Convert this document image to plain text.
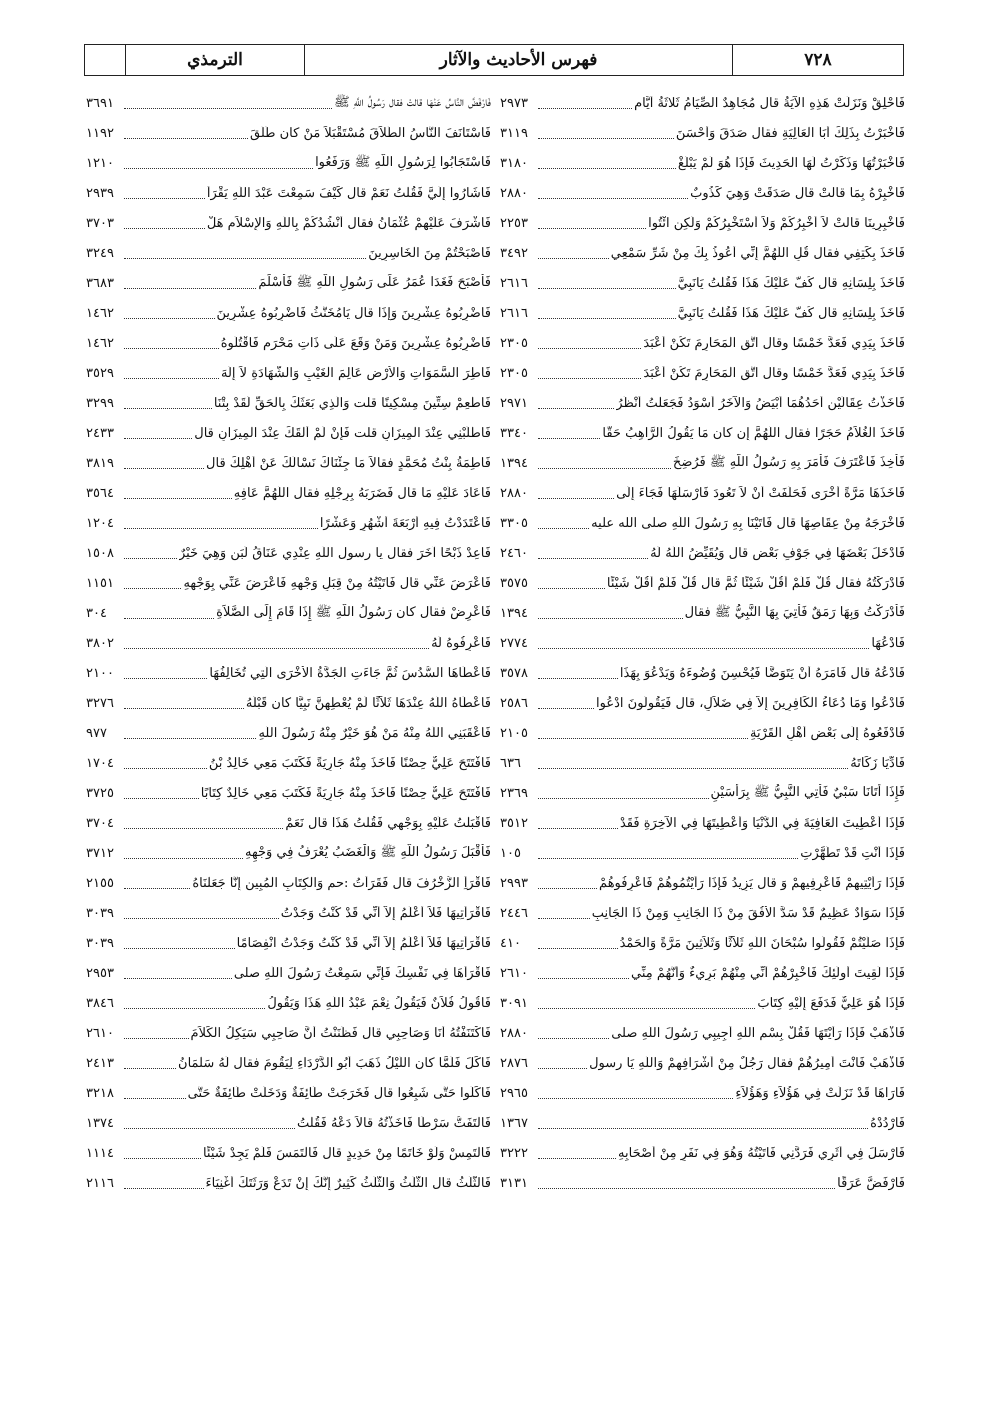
٧٢٨
فهرس الأحاديث والآثار
الترمذي
فَاحْلِقْ وَنَزَلَتْ هَذِهِ الآيَةُ قال مُجَاهِدٌ الصِّيَامُ ثَلاثَةُ أَيَّامٍ
٢٩٧٣
فَأَخْبَرْتُ بِذَلِكَ أَبَا الْعَالِيَةِ فقال صَدَقَ وَأَحْسَنَ
٣١١٩
فَأَخْبَرْتُهَا وَذَكَرْتُ لَهَا الْحَدِيثَ فَإِذَا هُوَ لَمْ يَبْلُغْ
٣١٨٠
فَأَخْبِرْهُ بِمَا قالتْ قال صَدَقَتْ وَهِيَ كَذُوبٌ
٢٨٨٠
فَأَخْبِرِينَا قالتْ لاَ أُخْبِرُكُمْ وَلاَ أَسْتَخْبِرُكُمْ وَلَكِنِ ائْتُوا
٢٢٥٣
فَأَخَذَ بِكَتِفِي فقال قُلِ اللَّهُمَّ إِنِّي أَعُوذُ بِكَ مِنْ شَرِّ سَمْعِي
٣٤٩٢
فَأَخَذَ بِلِسَانِهِ قال كُفَّ عَلَيْكَ هَذَا فَقُلْتُ يَانَبِيَّ
٢٦١٦
فَأَخَذَ بِلِسَانِهِ قال كُفَّ عَلَيْكَ هَذَا فَقُلْتُ يَانَبِيَّ
٢٦١٦
فَأَخَذَ بِيَدِي فَعَدَّ خَمْسًا وقال اتَّقِ الْمَحَارِمَ تَكُنْ أَعْبَدَ
٢٣٠٥
فَأَخَذَ بِيَدِي فَعَدَّ خَمْسًا وقال اتَّقِ الْمَحَارِمَ تَكُنْ أَعْبَدَ
٢٣٠٥
فَأَخَذْتُ عِقَالَيْنِ أَحَدُهُمَا أَبْيَضُ وَالآخَرُ أَسْوَدُ فَجَعَلْتُ أَنْظُرُ
٢٩٧١
فَأَخَذَ الْغُلاَمُ حَجَرًا فقال اللَّهُمَّ إِن كان مَا يَقُولُ الرَّاهِبُ حَقًّا
٣٣٤٠
فَأُخِذَ فَاعْتَرَفَ فَأَمَرَ بِهِ رَسُولُ اللَّهِ ﷺ فَرُضِخَ
١٣٩٤
فَأَخَذَهَا مَرَّةً أُخْرَى فَحَلَفَتْ أَنْ لاَ تَعُودَ فَأَرْسَلَهَا فَجَاءَ إِلَى
٢٨٨٠
فَأَخْرَجَهُ مِنْ عِقَاصِهَا قال فَأَتَيْنَا بِهِ رَسُولَ اللَّهِ صلى الله عليه
٣٣٠٥
فَأَدْخَلَ بَعْضَهَا فِي جَوْفِ بَعْضٍ قال وَيُقَيِّضُ اللَّهُ لَهُ
٢٤٦٠
فَأَدْرَكْتُهُ فقال قُلْ فَلَمْ أَقُلْ شَيْئًا ثُمَّ قال قُلْ فَلَمْ أَقُلْ شَيْئًا
٣٥٧٥
فَأَدْرَكْتُ وَبِهَا رَمَقٌ فَأُتِيَ بِهَا النَّبِيُّ ﷺ فقال
١٣٩٤
فَأَدْعُهَا
٢٧٧٤
فَادْعُهُ قال فَأَمَرَهُ أَنْ يَتَوَضَّأَ فَيُحْسِنَ وُضُوءَهُ وَيَدْعُوَ بِهَذَا
٣٥٧٨
فَادْعُوا وَمَا دُعَاءُ الْكَافِرِينَ إِلاَّ فِي ضَلاَلٍ، قال فَيَقُولُونَ ادْعُوا
٢٥٨٦
فَادْفَعُوهُ إِلَى بَعْضِ أَهْلِ الْقَرْيَةِ
٢١٠٥
فَأَدِّيَا زَكَاتَهُ
٦٣٦
فَإِذَا أَتَانَا سَبْيٌ فَأْتِي النَّبِيُّ ﷺ بِرَأْسَيْنِ
٢٣٦٩
فَإِذَا أُعْطِيتَ الْعَافِيَةَ فِي الدُّنْيَا وَأُعْطِيتَهَا فِي الآخِرَةِ فَقَدْ
٣٥١٢
فَإِذَا أَنْتِ قَدْ تَطَهَّرْتِ
١٠٥
فَإِذَا رَأَيْتِيهِمْ فَاعْرِفِيهِمْ وَ قال يَزِيدُ فَإِذَا رَأَيْتُمُوهُمْ فَاعْرِفُوهُمْ
٢٩٩٣
فَإِذَا سَوَادٌ عَظِيمٌ قَدْ سَدَّ الأُفُقَ مِنْ ذَا الْجَانِبِ وَمِنْ ذَا الْجَانِبِ
٢٤٤٦
فَإِذَا صَلَّيْتُمْ فَقُولُوا سُبْحَانَ اللَّهِ ثَلاَثًا وَثَلاَثِينَ مَرَّةً وَالْحَمْدُ
٤١٠
فَإِذَا لَقِيتَ أُولَئِكَ فَأَخْبِرْهُمْ أَنِّي مِنْهُمْ بَرِيءٌ وَأَنَّهُمْ مِنِّي
٢٦١٠
فَإِذَا هُوَ عَلِيٌّ فَدَفَعَ إِلَيْهِ كِتَابَ
٣٠٩١
فَاذْهَبْ فَإِذَا رَأَيْتَهَا فَقُلْ بِسْمِ اللَّهِ أَجِيبِي رَسُولَ اللَّهِ صلى
٢٨٨٠
فَاذْهَبْ فَأَنْتَ أَمِيرُهُمْ فقال رَجُلٌ مِنْ أَشْرَافِهِمْ وَاللَّهِ يَا رسول
٢٨٧٦
فَأَرَاهَا قَدْ نَزَلَتْ فِي هَؤُلاَءِ وَهَؤُلاَءِ
٢٩٦٥
فَارْدُدْهُ
١٣٦٧
فَأَرْسَلَ فِي أَثَرِي فَرَدَّنِي فَأَتَيْتُهُ وَهُوَ فِي نَفَرٍ مِنْ أَصْحَابِهِ
٣٢٢٢
فَارْفَضَّ عَرَقًا
٣١٣١
فَارْفَضَّ النَّاسُ عَنْهَا قالتْ فقال رَسُولُ اللَّهِ ﷺ
٣٦٩١
فَاسْتَأْنَفَ النَّاسُ الطَّلاَقَ مُسْتَقْبَلاً مَنْ كان طَلَّقَ
١١٩٢
فَاسْتَجَابُوا لِرَسُولِ اللَّهِ ﷺ وَرَفَعُوا
١٢١٠
فَأَشَارُوا إِلَيَّ فَقُلْتُ نَعَمْ قال كَيْفَ سَمِعْتَ عَبْدَ اللَّهِ يَقْرَأُ
٢٩٣٩
فَأَشْرَفَ عَلَيْهِمْ عُثْمَانُ فقال أَنْشُدُكُمْ بِاللَّهِ وَالإِسْلاَمِ هَلْ
٣٧٠٣
فَأَصْبَحْتُمْ مِنَ الْخَاسِرِينَ
٣٢٤٩
فَأَصْبَحَ فَغَدَا عُمَرُ عَلَى رَسُولِ اللَّهِ ﷺ فَأَسْلَمَ
٣٦٨٣
فَاضْرِبُوهُ عِشْرِينَ وَإِذَا قال يَامُخَنَّثُ فَاضْرِبُوهُ عِشْرِينَ
١٤٦٢
فَاضْرِبُوهُ عِشْرِينَ وَمَنْ وَقَعَ عَلَى ذَاتِ مَحْرَمٍ فَاقْتُلُوهُ
١٤٦٢
فَاطِرَ السَّمَوَاتِ وَالأَرْضِ عَالِمَ الْغَيْبِ وَالشَّهَادَةِ لاَ إِلَهَ
٣٥٢٩
فَأَطْعِمْ سِتِّينَ مِسْكِينًا قلت وَالَّذِي بَعَثَكَ بِالْحَقِّ لَقَدْ بِتْنَا
٣٢٩٩
فَاطْلُبْنِي عِنْدَ الْمِيزَانِ قلت فَإِنْ لَمْ أَلْقَكَ عِنْدَ الْمِيزَانِ قال
٢٤٣٣
فَاطِمَةُ بِنْتُ مُحَمَّدٍ فقالاَ مَا جِئْنَاكَ نَسْأَلُكَ عَنْ أَهْلِكَ قال
٣٨١٩
فَأَعَادَ عَلَيْهِ مَا قال فَضَرَبَهُ بِرِجْلِهِ فقال اللَّهُمَّ عَافِهِ
٣٥٦٤
فَاعْتَدَدْتُ فِيهِ أَرْبَعَةَ أَشْهُرٍ وَعَشْرًا
١٢٠٤
فَأَعِدْ ذَبْحًا آخَرَ فقال يا رسول اللَّهِ عِنْدِي عَنَاقُ لَبَنٍ وَهِيَ خَيْرٌ
١٥٠٨
فَأَعْرَضَ عَنِّي قال فَأَتَيْتُهُ مِنْ قِبَلِ وَجْهِهِ فَأَعْرَضَ عَنِّي بِوَجْهِهِ
١١٥١
فَاعْرِضْ فقال كان رَسُولُ اللَّهِ ﷺ إِذَا قَامَ إِلَى الصَّلاَةِ
٣٠٤
فَاعْرِفُوهُ لَهُ
٣٨٠٢
فَأَعْطَاهَا السُّدُسَ ثُمَّ جَاءَتِ الْجَدَّةُ الأُخْرَى الَّتِي تُخَالِفُهَا
٢١٠٠
فَأَعْطَاهُ اللَّهُ عِنْدَهَا ثَلاَثًا لَمْ يُعْطِهِنَّ نَبِيًّا كان قَبْلَهُ
٣٢٧٦
فَأَعْقَبَنِي اللَّهُ مِنْهُ مَنْ هُوَ خَيْرٌ مِنْهُ رَسُولَ اللَّهِ
٩٧٧
فَافْتَتَحَ عَلِيٌّ حِصْنًا فَأَخَذَ مِنْهُ جَارِيَةً فَكَتَبَ مَعِي خَالِدُ بْنُ
١٧٠٤
فَافْتَتَحَ عَلِيٌّ حِصْنًا فَأَخَذَ مِنْهُ جَارِيَةً فَكَتَبَ مَعِي خَالِدٌ كِتَابًا
٣٧٢٥
فَأَقْبَلْتُ عَلَيْهِ بِوَجْهِي فَقُلْتُ هَذَا قال نَعَمْ
٣٧٠٤
فَأَقْبَلَ رَسُولُ اللَّهِ ﷺ وَالْغَضَبُ يُعْرَفُ فِي وَجْهِهِ
٣٧١٢
فَاقْرَأِ الزُّخْرُفَ قال فَقَرَأْتُ :حم وَالْكِتَابِ الْمُبِينِ إِنَّا جَعَلْنَاهُ
٢١٥٥
فَأَقْرَأْتِيهَا فَلاَ أَعْلَمُ إِلاَّ أَنِّي قَدْ كُنْتُ وَجَدْتُ
٣٠٣٩
فَأَقْرَأْتِيهَا فَلاَ أَعْلَمُ إِلاَّ أَنِّي قَدْ كُنْتُ وَجَدْتُ انْفِصَامًا
٣٠٣٩
فَاقْرَأْهَا فِي نَفْسِكَ فَإِنِّي سَمِعْتُ رَسُولَ اللَّهِ صلى
٢٩٥٣
فَأَقُولُ فُلاَنٌ فَيَقُولُ نِعْمَ عَبْدُ اللَّهِ هَذَا وَيَقُولُ
٣٨٤٦
فَاكْتَنَفْتُهُ أَنَا وَصَاحِبِي قال فَظَنَنْتُ أَنَّ صَاحِبِي سَيَكِلُ الْكَلاَمَ
٢٦١٠
فَأَكَلَ فَلَمَّا كان اللَّيْلُ ذَهَبَ أَبُو الدَّرْدَاءِ لِيَقُومَ فقال لَهُ سَلْمَانُ
٢٤١٣
فَأَكَلُوا حَتَّى شَبِعُوا قال فَخَرَجَتْ طَائِفَةٌ وَدَخَلَتْ طَائِفَةٌ حَتَّى
٣٢١٨
فَالْتَفَتُّ سَرْطًا فَأَخَذْتُهُ قالاَ دَعْهُ فَقُلْتُ
١٣٧٤
فَالْتَمِسْ وَلَوْ خَاتَمًا مِنْ حَدِيدٍ قال فَالْتَمَسَ فَلَمْ يَجِدْ شَيْئًا
١١١٤
فَالثُّلُثُ قال الثُّلُثُ وَالثُّلُثُ كَثِيرٌ إِنَّكَ إِنْ تَدَعْ وَرَثَتَكَ أَغْنِيَاءَ
٢١١٦
